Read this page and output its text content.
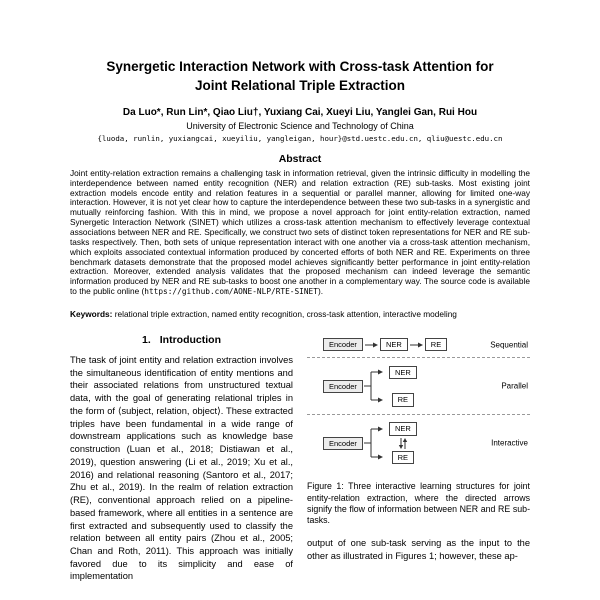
Synergetic Interaction Network with Cross-task Attention for
Joint Relational Triple Extraction
Da Luo*, Run Lin*, Qiao Liu†, Yuxiang Cai, Xueyi Liu, Yanglei Gan, Rui Hou
University of Electronic Science and Technology of China
{luoda, runlin, yuxiangcai, xueyiliu, yangleigan, hour}@std.uestc.edu.cn, qliu@uestc.edu.cn
Abstract

Joint entity-relation extraction remains a challenging task in information retrieval, given the intrinsic difficulty in modelling the interdependence between named entity recognition (NER) and relation extraction (RE) sub-tasks. Most existing joint extraction models encode entity and relation features in a sequential or parallel manner, allowing for limited one-way interaction. However, it is not yet clear how to capture the interdependence between these two sub-tasks in a synergistic and mutually reinforcing fashion. With this in mind, we propose a novel approach for joint entity-relation extraction, named Synergetic Interaction Network (SINET) which utilizes a cross-task attention mechanism to effectively leverage contextual associations between NER and RE. Specifically, we construct two sets of distinct token representations for NER and RE sub-tasks respectively. Then, both sets of unique representation interact with one another via a cross-task attention mechanism, which exploits associated contextual information produced by concerted efforts of both NER and RE. Experiments on three benchmark datasets demonstrate that the proposed model achieves significantly better performance in joint entity-relation extraction. Moreover, extended analysis validates that the proposed mechanism can indeed leverage the semantic information produced by NER and RE sub-tasks to boost one another in a complementary way. The source code is available to the public online (https://github.com/AONE-NLP/RTE-SINET).

Keywords: relational triple extraction, named entity recognition, cross-task attention, interactive modeling

1. Introduction

The task of joint entity and relation extraction involves the simultaneous identification of entity mentions and their associated relations from unstructured textual data, with the goal of generating relational triples in the form of ⟨subject, relation, object⟩. These extracted triples have been fundamental in a wide range of downstream applications such as knowledge base construction (Luan et al., 2018; Distiawan et al., 2019), question answering (Li et al., 2019; Xu et al., 2016) and relational reasoning (Santoro et al., 2017; Zhu et al., 2019). In the realm of relation extraction (RE), conventional approach relied on a pipeline-based framework, where all entities in a sentence are first extracted and subsequently used to classify the relation between all entity pairs (Zhou et al., 2005; Chan and Roth, 2011). This approach was initially favored due to its simplicity and ease of implementation

Encoder	NER	RE	Sequential
Encoder
NER
RE
Parallel
Encoder
NER
RE
Interactive
Figure 1: Three interactive learning structures for joint entity-relation extraction, where the directed arrows signify the flow of information between NER and RE sub-tasks.

output of one sub-task serving as the input to the other as illustrated in Figures 1; however, these ap-
